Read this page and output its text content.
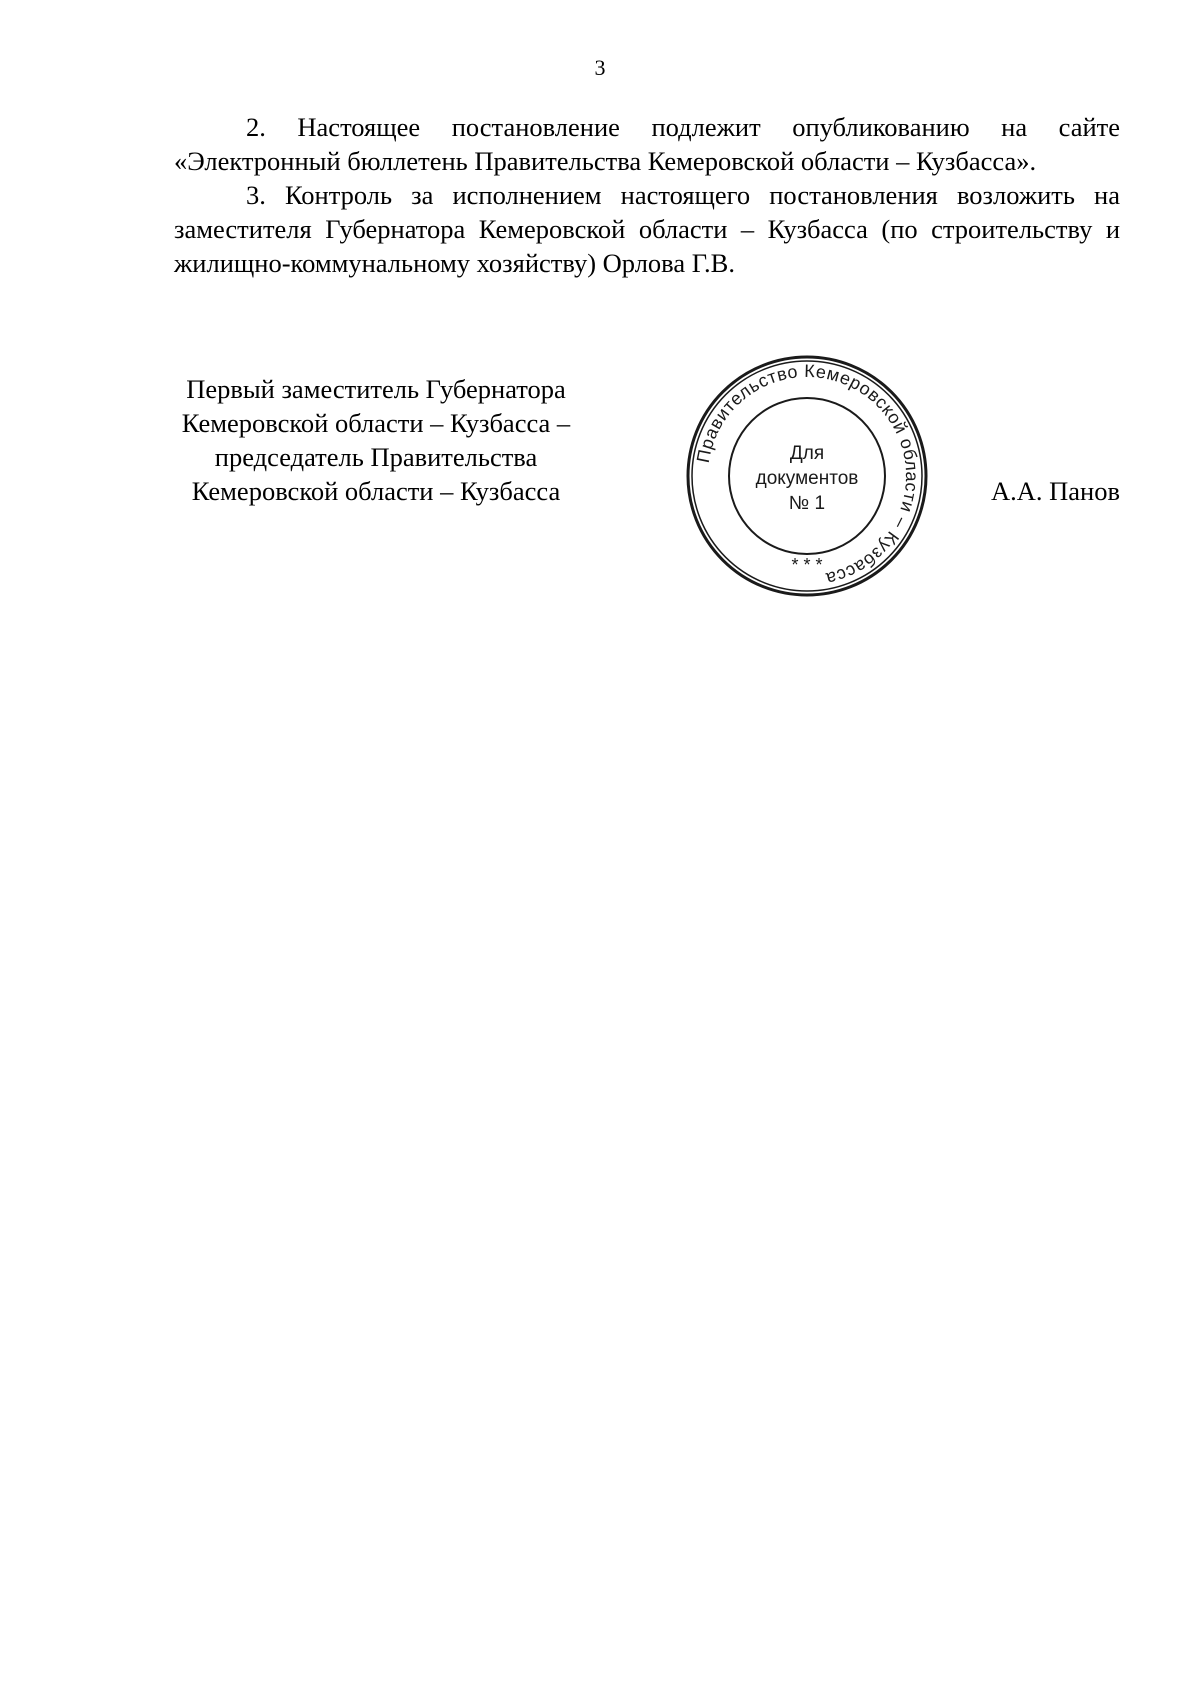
3

2. Настоящее постановление подлежит опубликованию на сайте «Электронный бюллетень Правительства Кемеровской области – Кузбасса».

3. Контроль за исполнением настоящего постановления возложить на заместителя Губернатора Кемеровской области – Кузбасса (по строительству и жилищно-коммунальному хозяйству) Орлова Г.В.

Первый заместитель Губернатора
Кемеровской области – Кузбасса –
председатель Правительства
Кемеровской области – Кузбасса
Правительство Кемеровской области – Кузбасса
* * *
Для
документов
№ 1	А.А. Панов
